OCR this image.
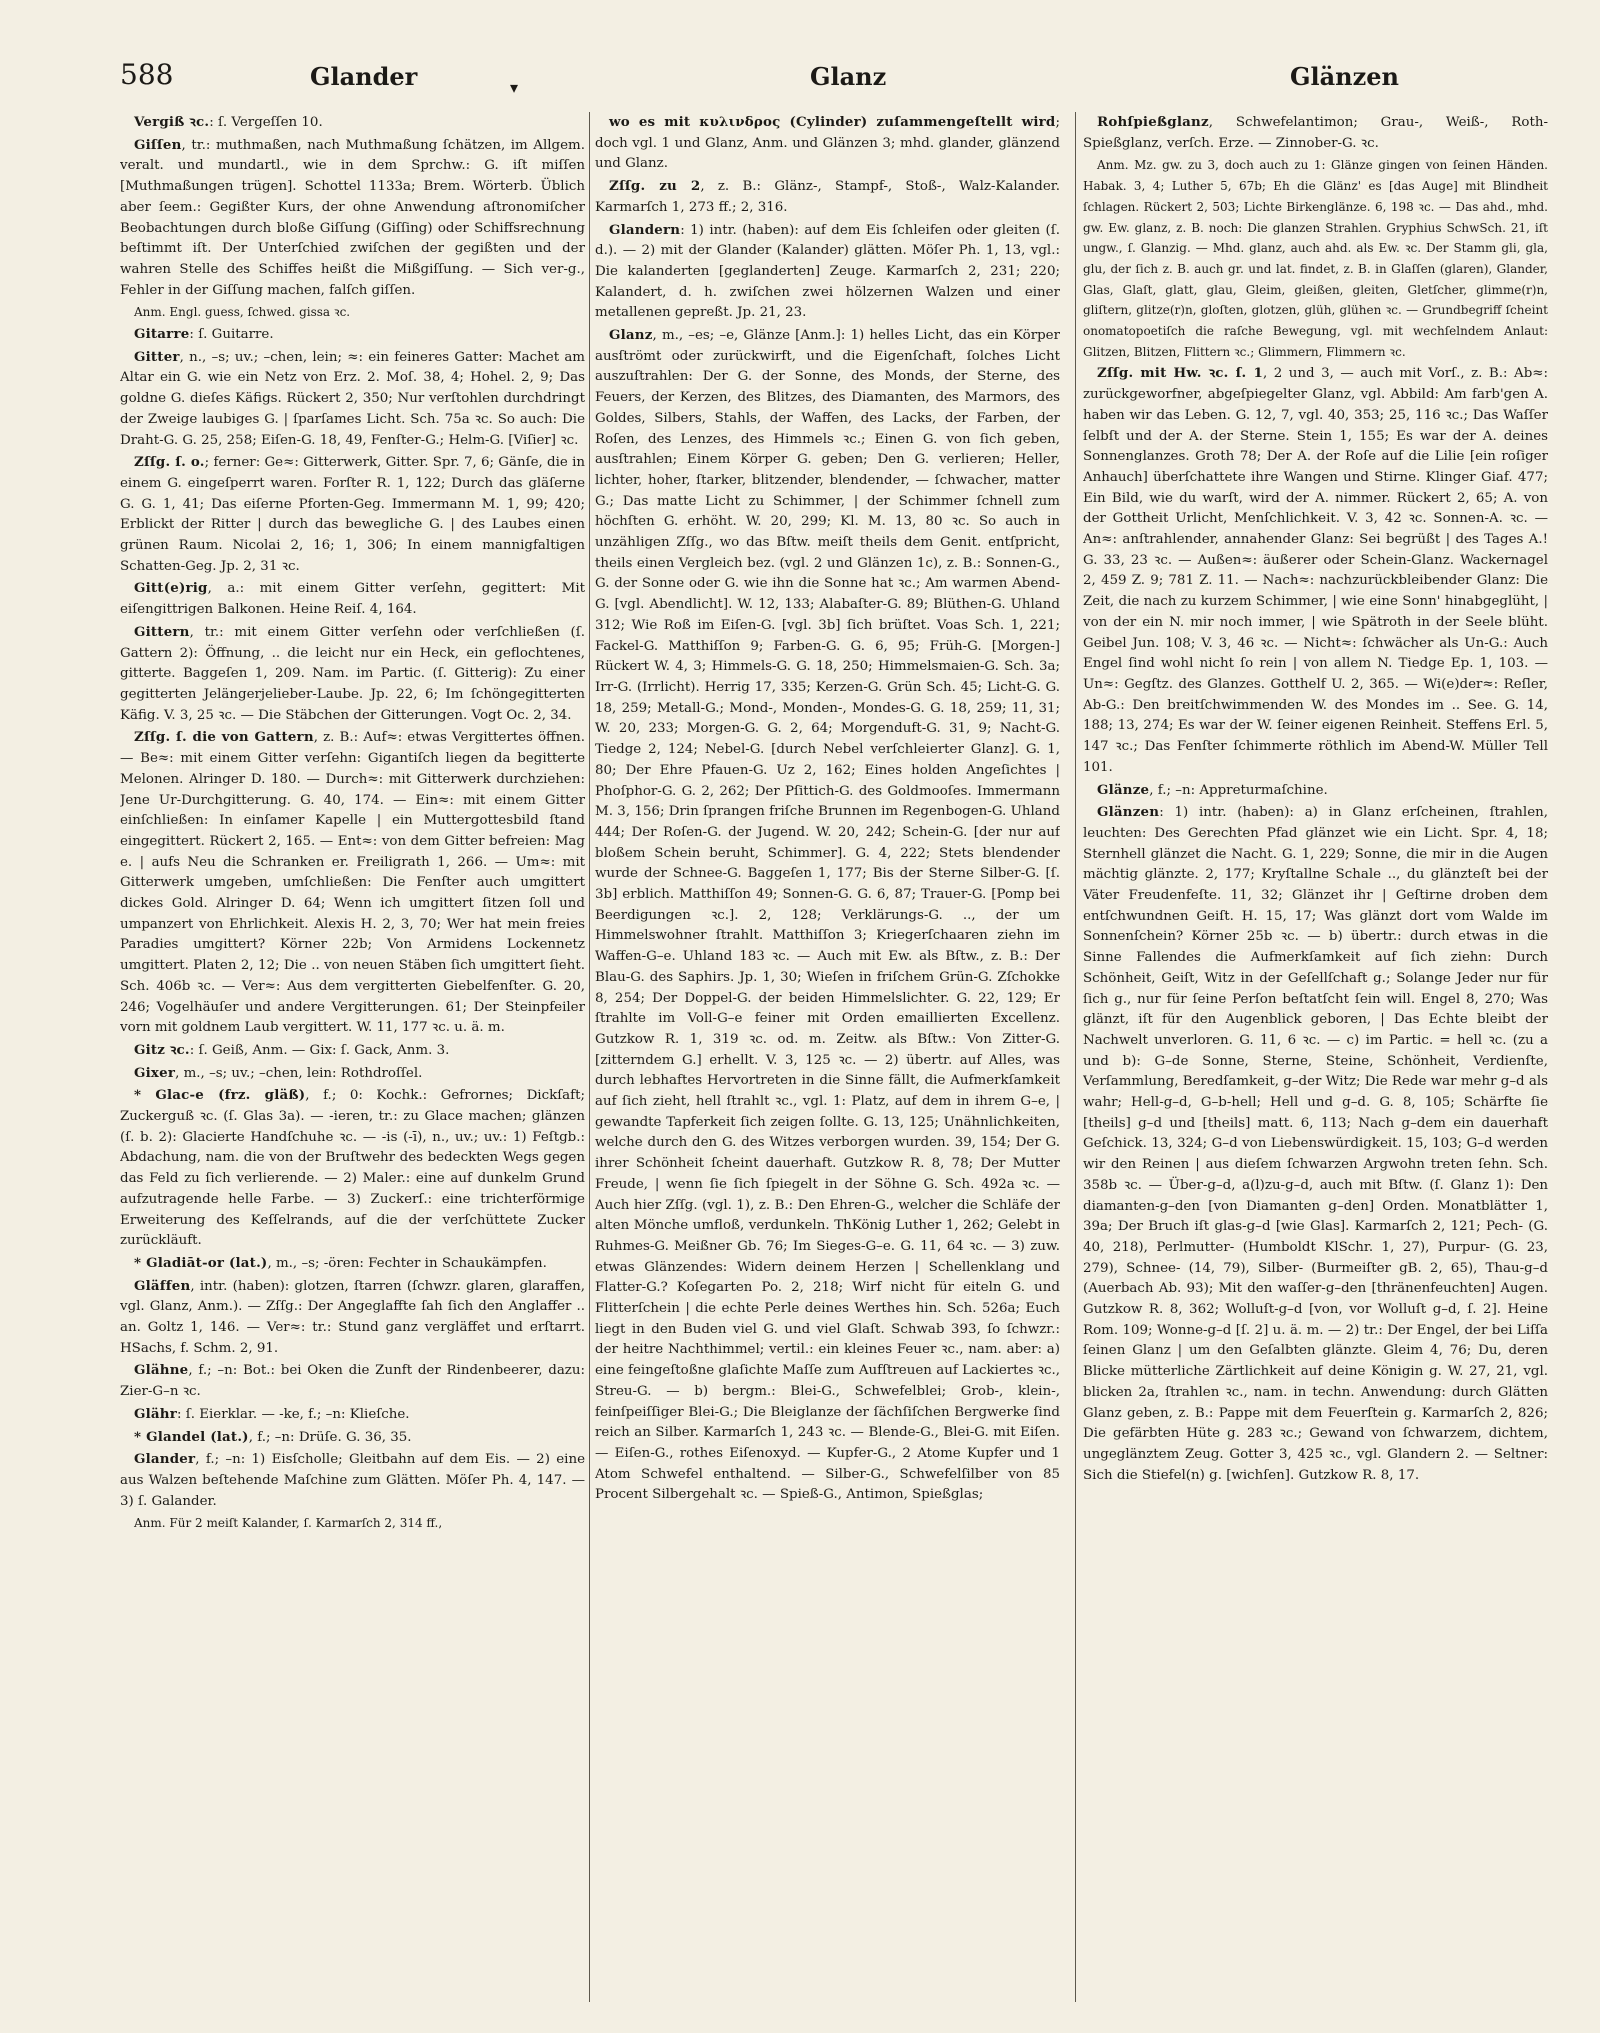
588	Glander	▾	Glanz	Glänzen
Vergiß ꝛc.: ſ. Vergeſſen 10.
Giſſen, tr.: muthmaßen, nach Muthmaßung ſchätzen, im Allgem. veralt. und mundartl., wie in dem Sprchw.: G. iſt miſſen [Muthmaßungen trügen]. Schottel 1133a; Brem. Wörterb. Üblich aber ſeem.: Gegißter Kurs, der ohne Anwendung aſtronomiſcher Beobachtungen durch bloße Giſſung (Giſſing) oder Schiffsrechnung beſtimmt iſt. Der Unterſchied zwiſchen der gegißten und der wahren Stelle des Schiffes heißt die Mißgiſſung. — Sich ver-g., Fehler in der Giſſung machen, falſch giſſen.
Anm. Engl. guess, ſchwed. gissa ꝛc.
Gitarre: ſ. Guitarre.
Gitter, n., –s; uv.; –chen, lein; ≈: ein feineres Gatter: Machet am Altar ein G. wie ein Netz von Erz. 2. Moſ. 38, 4; Hohel. 2, 9; Das goldne G. dieſes Käfigs. Rückert 2, 350; Nur verſtohlen durchdringt der Zweige laubiges G. | ſparſames Licht. Sch. 75a ꝛc. So auch: Die Draht-G. G. 25, 258; Eiſen-G. 18, 49, Fenſter-G.; Helm-G. [Viſier] ꝛc.
Zſſg. ſ. o.; ferner: Ge≈: Gitterwerk, Gitter. Spr. 7, 6; Gänſe, die in einem G. eingeſperrt waren. Forſter R. 1, 122; Durch das gläſerne G. G. 1, 41; Das eiſerne Pforten-Geg. Immermann M. 1, 99; 420; Erblickt der Ritter | durch das bewegliche G. | des Laubes einen grünen Raum. Nicolai 2, 16; 1, 306; In einem mannigfaltigen Schatten-Geg. Jp. 2, 31 ꝛc.
Gitt(e)rig, a.: mit einem Gitter verſehn, gegittert: Mit eiſengittrigen Balkonen. Heine Reiſ. 4, 164.
Gittern, tr.: mit einem Gitter verſehn oder verſchließen (ſ. Gattern 2): Öffnung, .. die leicht nur ein Heck, ein geflochtenes, gitterte. Baggeſen 1, 209. Nam. im Partic. (ſ. Gitterig): Zu einer gegitterten Jelängerjelieber-Laube. Jp. 22, 6; Im ſchöngegitterten Käfig. V. 3, 25 ꝛc. — Die Stäbchen der Gitterungen. Vogt Oc. 2, 34.
Zſſg. ſ. die von Gattern, z. B.: Auf≈: etwas Vergittertes öffnen. — Be≈: mit einem Gitter verſehn: Gigantiſch liegen da begitterte Melonen. Alringer D. 180. — Durch≈: mit Gitterwerk durchziehen: Jene Ur-Durchgitterung. G. 40, 174. — Ein≈: mit einem Gitter einſchließen: In einſamer Kapelle | ein Muttergottesbild ſtand eingegittert. Rückert 2, 165. — Ent≈: von dem Gitter befreien: Mag e. | aufs Neu die Schranken er. Freiligrath 1, 266. — Um≈: mit Gitterwerk umgeben, umſchließen: Die Fenſter auch umgittert dickes Gold. Alringer D. 64; Wenn ich umgittert ſitzen ſoll und umpanzert von Ehrlichkeit. Alexis H. 2, 3, 70; Wer hat mein freies Paradies umgittert? Körner 22b; Von Armidens Lockennetz umgittert. Platen 2, 12; Die .. von neuen Stäben ſich umgittert ſieht. Sch. 406b ꝛc. — Ver≈: Aus dem vergitterten Giebelfenſter. G. 20, 246; Vogelhäuſer und andere Vergitterungen. 61; Der Steinpfeiler vorn mit goldnem Laub vergittert. W. 11, 177 ꝛc. u. ä. m.
Gitz ꝛc.: ſ. Geiß, Anm. — Gix: ſ. Gack, Anm. 3.
Gixer, m., –s; uv.; –chen, lein: Rothdroſſel.
* Glac-e (frz. gläß), f.; 0: Kochk.: Gefrornes; Dickſaft; Zuckerguß ꝛc. (ſ. Glas 3a). — -ieren, tr.: zu Glace machen; glänzen (ſ. b. 2): Glacierte Handſchuhe ꝛc. — -is (-ī), n., uv.; uv.: 1) Feſtgb.: Abdachung, nam. die von der Bruſtwehr des bedeckten Wegs gegen das Feld zu ſich verlierende. — 2) Maler.: eine auf dunkelm Grund aufzutragende helle Farbe. — 3) Zuckerſ.: eine trichterförmige Erweiterung des Keſſelrands, auf die der verſchüttete Zucker zurückläuft.
* Gladiāt-or (lat.), m., –s; ‑ören: Fechter in Schaukämpfen.
Gläffen, intr. (haben): glotzen, ſtarren (ſchwzr. glaren, glaraffen, vgl. Glanz, Anm.). — Zſſg.: Der Angeglaffte ſah ſich den Anglaffer .. an. Goltz 1, 146. — Ver≈: tr.: Stund ganz vergläffet und erſtarrt. HSachs, f. Schm. 2, 91.
Glähne, f.; –n: Bot.: bei Oken die Zunft der Rindenbeerer, dazu: Zier-G–n ꝛc.
Glähr: ſ. Eierklar. — -ke, f.; –n: Klieſche.
* Glandel (lat.), f.; –n: Drüſe. G. 36, 35.
Glander, f.; –n: 1) Eisſcholle; Gleitbahn auf dem Eis. — 2) eine aus Walzen beſtehende Maſchine zum Glätten. Möſer Ph. 4, 147. — 3) ſ. Galander.
Anm. Für 2 meiſt Kalander, ſ. Karmarſch 2, 314 ff.,
wo es mit κυλινδρος (Cylinder) zuſammengeſtellt wird; doch vgl. 1 und Glanz, Anm. und Glänzen 3; mhd. glander, glänzend und Glanz.
Zſſg. zu 2, z. B.: Glänz-, Stampf-, Stoß-, Walz-Kalander. Karmarſch 1, 273 ff.; 2, 316.
Glandern: 1) intr. (haben): auf dem Eis ſchleifen oder gleiten (ſ. d.). — 2) mit der Glander (Kalander) glätten. Möſer Ph. 1, 13, vgl.: Die kalanderten [geglanderten] Zeuge. Karmarſch 2, 231; 220; Kalandert, d. h. zwiſchen zwei hölzernen Walzen und einer metallenen gepreßt. Jp. 21, 23.
Glanz, m., –es; –e, Glänze [Anm.]: 1) helles Licht, das ein Körper ausſtrömt oder zurückwirft, und die Eigenſchaft, ſolches Licht auszuſtrahlen: Der G. der Sonne, des Monds, der Sterne, des Feuers, der Kerzen, des Blitzes, des Diamanten, des Marmors, des Goldes, Silbers, Stahls, der Waffen, des Lacks, der Farben, der Roſen, des Lenzes, des Himmels ꝛc.; Einen G. von ſich geben, ausſtrahlen; Einem Körper G. geben; Den G. verlieren; Heller, lichter, hoher, ſtarker, blitzender, blendender, — ſchwacher, matter G.; Das matte Licht zu Schimmer, | der Schimmer ſchnell zum höchſten G. erhöht. W. 20, 299; Kl. M. 13, 80 ꝛc. So auch in unzähligen Zſſg., wo das Bſtw. meiſt theils dem Genit. entſpricht, theils einen Vergleich bez. (vgl. 2 und Glänzen 1c), z. B.: Sonnen-G., G. der Sonne oder G. wie ihn die Sonne hat ꝛc.; Am warmen Abend-G. [vgl. Abendlicht]. W. 12, 133; Alabaſter-G. 89; Blüthen-G. Uhland 312; Wie Roß im Eiſen-G. [vgl. 3b] ſich brüſtet. Voas Sch. 1, 221; Fackel-G. Matthiſſon 9; Farben-G. G. 6, 95; Früh-G. [Morgen-] Rückert W. 4, 3; Himmels-G. G. 18, 250; Himmelsmaien-G. Sch. 3a; Irr-G. (Irrlicht). Herrig 17, 335; Kerzen-G. Grün Sch. 45; Licht-G. G. 18, 259; Metall-G.; Mond-, Monden-, Mondes-G. G. 18, 259; 11, 31; W. 20, 233; Morgen-G. G. 2, 64; Morgenduft-G. 31, 9; Nacht-G. Tiedge 2, 124; Nebel-G. [durch Nebel verſchleierter Glanz]. G. 1, 80; Der Ehre Pfauen-G. Uz 2, 162; Eines holden Angeſichtes | Phoſphor-G. G. 2, 262; Der Pſittich-G. des Goldmooſes. Immermann M. 3, 156; Drin ſprangen friſche Brunnen im Regenbogen-G. Uhland 444; Der Roſen-G. der Jugend. W. 20, 242; Schein-G. [der nur auf bloßem Schein beruht, Schimmer]. G. 4, 222; Stets blendender wurde der Schnee-G. Baggeſen 1, 177; Bis der Sterne Silber-G. [ſ. 3b] erblich. Matthiſſon 49; Sonnen-G. G. 6, 87; Trauer-G. [Pomp bei Beerdigungen ꝛc.]. 2, 128; Verklärungs-G. .., der um Himmelswohner ſtrahlt. Matthiſſon 3; Kriegerſchaaren ziehn im Waffen-G–e. Uhland 183 ꝛc. — Auch mit Ew. als Bſtw., z. B.: Der Blau-G. des Saphirs. Jp. 1, 30; Wieſen in friſchem Grün-G. Zſchokke 8, 254; Der Doppel-G. der beiden Himmelslichter. G. 22, 129; Er ſtrahlte im Voll-G–e feiner mit Orden emaillierten Excellenz. Gutzkow R. 1, 319 ꝛc. od. m. Zeitw. als Bſtw.: Von Zitter-G. [zitterndem G.] erhellt. V. 3, 125 ꝛc. — 2) übertr. auf Alles, was durch lebhaftes Hervortreten in die Sinne fällt, die Aufmerkſamkeit auf ſich zieht, hell ſtrahlt ꝛc., vgl. 1: Platz, auf dem in ihrem G–e, | gewandte Tapferkeit ſich zeigen ſollte. G. 13, 125; Unähnlichkeiten, welche durch den G. des Witzes verborgen wurden. 39, 154; Der G. ihrer Schönheit ſcheint dauerhaft. Gutzkow R. 8, 78; Der Mutter Freude, | wenn ſie ſich ſpiegelt in der Söhne G. Sch. 492a ꝛc. — Auch hier Zſſg. (vgl. 1), z. B.: Den Ehren-G., welcher die Schläfe der alten Mönche umfloß, verdunkeln. ThKönig Luther 1, 262; Gelebt in Ruhmes-G. Meißner Gb. 76; Im Sieges-G–e. G. 11, 64 ꝛc. — 3) zuw. etwas Glänzendes: Widern deinem Herzen | Schellenklang und Flatter-G.? Koſegarten Po. 2, 218; Wirf nicht für eiteln G. und Flitterſchein | die echte Perle deines Werthes hin. Sch. 526a; Euch liegt in den Buden viel G. und viel Glaſt. Schwab 393, ſo ſchwzr.: der heitre Nachthimmel; vertil.: ein kleines Feuer ꝛc., nam. aber: a) eine feingeſtoßne glaſichte Maſſe zum Aufſtreuen auf Lackiertes ꝛc., Streu-G. — b) bergm.: Blei-G., Schwefelblei; Grob-, klein-, feinſpeiſſiger Blei-G.; Die Bleiglanze der ſächſiſchen Bergwerke ſind reich an Silber. Karmarſch 1, 243 ꝛc. — Blende-G., Blei-G. mit Eiſen. — Eiſen-G., rothes Eiſenoxyd. — Kupfer-G., 2 Atome Kupfer und 1 Atom Schwefel enthaltend. — Silber-G., Schwefelſilber von 85 Procent Silbergehalt ꝛc. — Spieß-G., Antimon, Spießglas;
Rohſpießglanz, Schwefelantimon; Grau-, Weiß-, Roth-Spießglanz, verſch. Erze. — Zinnober-G. ꝛc.
Anm. Mz. gw. zu 3, doch auch zu 1: Glänze gingen von ſeinen Händen. Habak. 3, 4; Luther 5, 67b; Eh die Glänz' es [das Auge] mit Blindheit ſchlagen. Rückert 2, 503; Lichte Birkenglänze. 6, 198 ꝛc. — Das ahd., mhd. gw. Ew. glanz, z. B. noch: Die glanzen Strahlen. Gryphius SchwSch. 21, iſt ungw., ſ. Glanzig. — Mhd. glanz, auch ahd. als Ew. ꝛc. Der Stamm gli, gla, glu, der ſich z. B. auch gr. und lat. findet, z. B. in Glaſſen (glaren), Glander, Glas, Glaſt, glatt, glau, Gleim, gleißen, gleiten, Gletſcher, glimme(r)n, gliſtern, glitze(r)n, gloſten, glotzen, glüh, glühen ꝛc. — Grundbegriff ſcheint onomatopoetiſch die raſche Bewegung, vgl. mit wechſelndem Anlaut: Glitzen, Blitzen, Flittern ꝛc.; Glimmern, Flimmern ꝛc.
Zſſg. mit Hw. ꝛc. ſ. 1, 2 und 3, — auch mit Vorſ., z. B.: Ab≈: zurückgeworfner, abgeſpiegelter Glanz, vgl. Abbild: Am farb'gen A. haben wir das Leben. G. 12, 7, vgl. 40, 353; 25, 116 ꝛc.; Das Waſſer ſelbſt und der A. der Sterne. Stein 1, 155; Es war der A. deines Sonnenglanzes. Groth 78; Der A. der Roſe auf die Lilie [ein roſiger Anhauch] überſchattete ihre Wangen und Stirne. Klinger Giaf. 477; Ein Bild, wie du warſt, wird der A. nimmer. Rückert 2, 65; A. von der Gottheit Urlicht, Menſchlichkeit. V. 3, 42 ꝛc. Sonnen-A. ꝛc. — An≈: anſtrahlender, annahender Glanz: Sei begrüßt | des Tages A.! G. 33, 23 ꝛc. — Außen≈: äußerer oder Schein-Glanz. Wackernagel 2, 459 Z. 9; 781 Z. 11. — Nach≈: nachzurückbleibender Glanz: Die Zeit, die nach zu kurzem Schimmer, | wie eine Sonn' hinabgeglüht, | von der ein N. mir noch immer, | wie Spätroth in der Seele blüht. Geibel Jun. 108; V. 3, 46 ꝛc. — Nicht≈: ſchwächer als Un-G.: Auch Engel ſind wohl nicht ſo rein | von allem N. Tiedge Ep. 1, 103. — Un≈: Gegſtz. des Glanzes. Gotthelf U. 2, 365. — Wi(e)der≈: Reſler, Ab-G.: Den breitſchwimmenden W. des Mondes im .. See. G. 14, 188; 13, 274; Es war der W. ſeiner eigenen Reinheit. Steffens Erl. 5, 147 ꝛc.; Das Fenſter ſchimmerte röthlich im Abend-W. Müller Tell 101.
Glänze, f.; –n: Appreturmaſchine.
Glänzen: 1) intr. (haben): a) in Glanz erſcheinen, ſtrahlen, leuchten: Des Gerechten Pfad glänzet wie ein Licht. Spr. 4, 18; Sternhell glänzet die Nacht. G. 1, 229; Sonne, die mir in die Augen mächtig glänzte. 2, 177; Kryſtallne Schale .., du glänzteſt bei der Väter Freudenfeſte. 11, 32; Glänzet ihr | Geſtirne droben dem entſchwundnen Geiſt. H. 15, 17; Was glänzt dort vom Walde im Sonnenſchein? Körner 25b ꝛc. — b) übertr.: durch etwas in die Sinne Fallendes die Aufmerkſamkeit auf ſich ziehn: Durch Schönheit, Geiſt, Witz in der Geſellſchaft g.; Solange Jeder nur für ſich g., nur für ſeine Perſon beſtatſcht ſein will. Engel 8, 270; Was glänzt, iſt für den Augenblick geboren, | Das Echte bleibt der Nachwelt unverloren. G. 11, 6 ꝛc. — c) im Partic. = hell ꝛc. (zu a und b): G–de Sonne, Sterne, Steine, Schönheit, Verdienſte, Verſammlung, Beredſamkeit, g–der Witz; Die Rede war mehr g–d als wahr; Hell-g–d, G–b-hell; Hell und g–d. G. 8, 105; Schärfte ſie [theils] g–d und [theils] matt. 6, 113; Nach g–dem ein dauerhaft Geſchick. 13, 324; G–d von Liebenswürdigkeit. 15, 103; G–d werden wir den Reinen | aus dieſem ſchwarzen Argwohn treten ſehn. Sch. 358b ꝛc. — Über-g–d, a(l)zu-g–d, auch mit Bſtw. (ſ. Glanz 1): Den diamanten-g–den [von Diamanten g–den] Orden. Monatblätter 1, 39a; Der Bruch iſt glas-g–d [wie Glas]. Karmarſch 2, 121; Pech- (G. 40, 218), Perlmutter- (Humboldt KlSchr. 1, 27), Purpur- (G. 23, 279), Schnee- (14, 79), Silber- (Burmeiſter gB. 2, 65), Thau-g–d (Auerbach Ab. 93); Mit den waſſer-g–den [thränenfeuchten] Augen. Gutzkow R. 8, 362; Wolluſt-g–d [von, vor Wolluſt g–d, ſ. 2]. Heine Rom. 109; Wonne-g–d [ſ. 2] u. ä. m. — 2) tr.: Der Engel, der bei Liſſa ſeinen Glanz | um den Geſalbten glänzte. Gleim 4, 76; Du, deren Blicke mütterliche Zärtlichkeit auf deine Königin g. W. 27, 21, vgl. blicken 2a, ſtrahlen ꝛc., nam. in techn. Anwendung: durch Glätten Glanz geben, z. B.: Pappe mit dem Feuerſtein g. Karmarſch 2, 826; Die gefärbten Hüte g. 283 ꝛc.; Gewand von ſchwarzem, dichtem, ungeglänztem Zeug. Gotter 3, 425 ꝛc., vgl. Glandern 2. — Seltner: Sich die Stiefel(n) g. [wichſen]. Gutzkow R. 8, 17.
